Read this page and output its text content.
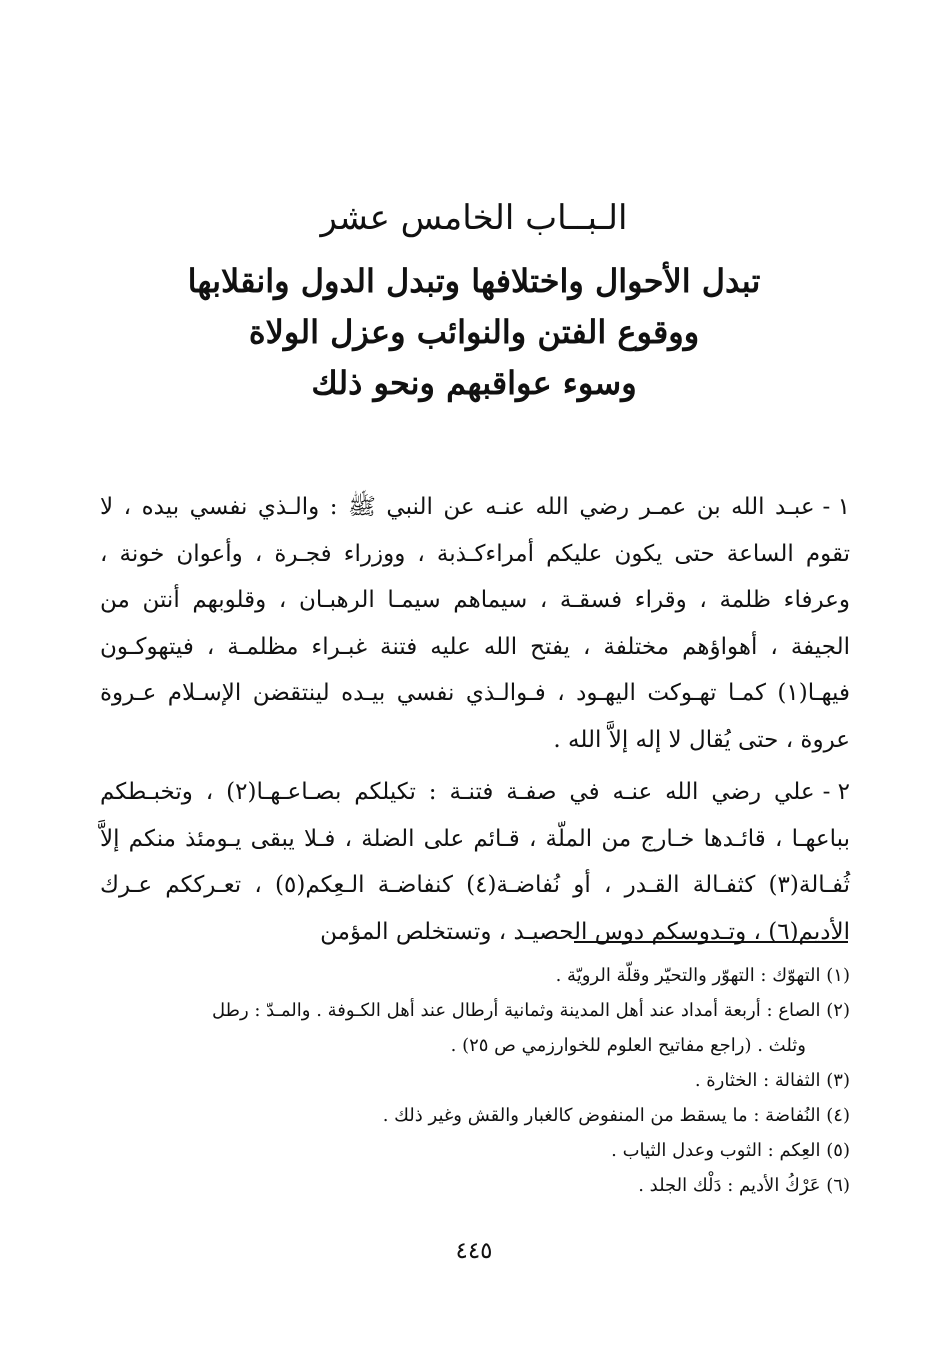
الـبــاب الخامس عشر
تبدل الأحوال واختلافها وتبدل الدول وانقلابها
ووقوع الفتن والنوائب وعزل الولاة
وسوء عواقبهم ونحو ذلك

١ -عبـد الله بن عمـر رضي الله عنـه عن النبي ﷺ : والـذي نفسي بيده ، لا تقوم الساعة حتى يكون عليكم أمراءكـذبة ، ووزراء فجـرة ، وأعوان خونة ، وعرفاء ظلمة ، وقراء فسقـة ، سيماهم سيمـا الرهبـان ، وقلوبهم أنتن من الجيفة ، أهواؤهم مختلفة ، يفتح الله عليه فتنة غبـراء مظلمـة ، فيتهوكـون فيهـا(١) كمـا تهـوكت اليهـود ، فـوالـذي نفسي بيـده لينتقضن الإسـلام عـروة عروة ، حتى يُقال لا إله إلاَّ الله .

٢ -علي رضي الله عنـه في صفـة فتنـة : تكيلكم بصـاعـهـا(٢) ، وتخبـطكم بباعهـا ، قائـدها خـارج من الملّة ، قـائم على الضلة ، فـلا يبقى يـومئذ منكم إلاَّ ثُفـالة(٣) كثفـالة القـدر ، أو نُفاضـة(٤) كنفاضـة الـعِكم(٥) ، تعـرككم عـرك الأديم(٦) ، وتـدوسكم دوس الحصيـد ، وتستخلص المؤمن

(١) التهوّك : التهوّر والتحيّر وقلّة الرويّة .

(٢) الصاع : أربعة أمداد عند أهل المدينة وثمانية أرطال عند أهل الكـوفة . والمـدّ : رطل

وثلث . (راجع مفاتيح العلوم للخوارزمي ص ٢٥) .

(٣) الثفالة : الخثارة .

(٤) النُفاضة : ما يسقط من المنفوض كالغبار والقش وغير ذلك .

(٥) العِكم : الثوب وعدل الثياب .

(٦) عَرْكُ الأديم : دَلْك الجلد .

٤٤٥
